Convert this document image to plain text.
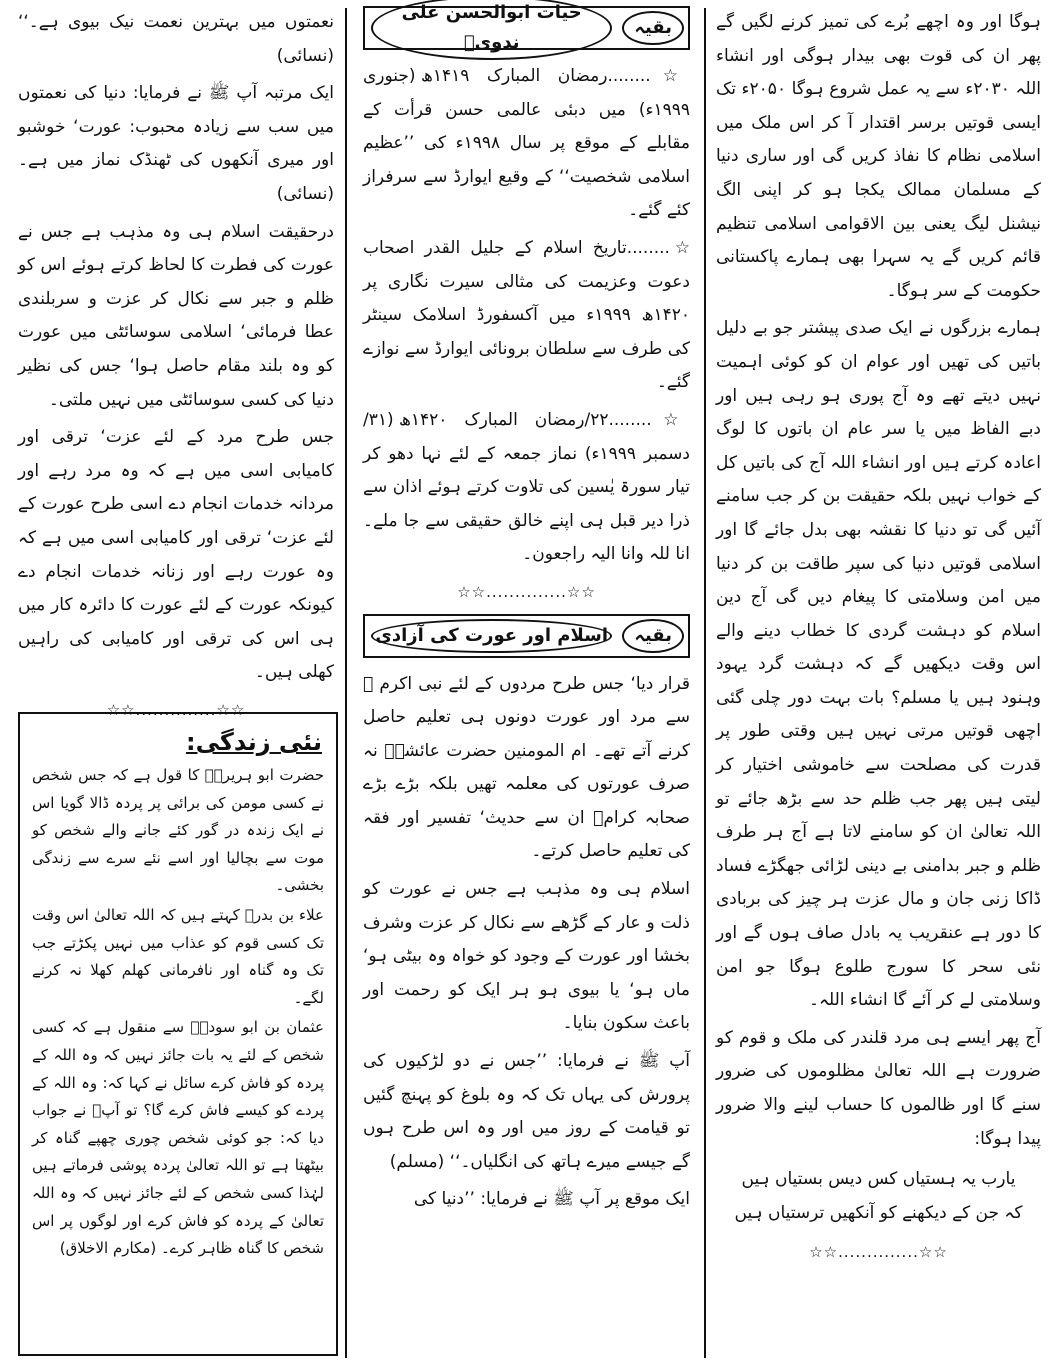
ہوگا اور وہ اچھے بُرے کی تمیز کرنے لگیں گے پھر ان کی قوت بھی بیدار ہوگی اور انشاء اللہ ۲۰۳۰ء سے یہ عمل شروع ہوگا ۲۰۵۰ء تک ایسی قوتیں برسر اقتدار آ کر اس ملک میں اسلامی نظام کا نفاذ کریں گی اور ساری دنیا کے مسلمان ممالک یکجا ہو کر اپنی الگ نیشنل لیگ یعنی بین الاقوامی اسلامی تنظیم قائم کریں گے یہ سہرا بھی ہمارے پاکستانی حکومت کے سر ہوگا۔

ہمارے بزرگوں نے ایک صدی پیشتر جو بے دلیل باتیں کی تھیں اور عوام ان کو کوئی اہمیت نہیں دیتے تھے وہ آج پوری ہو رہی ہیں اور دبے الفاظ میں یا سر عام ان باتوں کا لوگ اعادہ کرتے ہیں اور انشاء اللہ آج کی باتیں کل کے خواب نہیں بلکہ حقیقت بن کر جب سامنے آئیں گی تو دنیا کا نقشہ بھی بدل جائے گا اور اسلامی قوتیں دنیا کی سپر طاقت بن کر دنیا میں امن وسلامتی کا پیغام دیں گی آج دین اسلام کو دہشت گردی کا خطاب دینے والے اس وقت دیکھیں گے کہ دہشت گرد یہود وہنود ہیں یا مسلم؟ بات بہت دور چلی گئی اچھی قوتیں مرتی نہیں ہیں وقتی طور پر قدرت کی مصلحت سے خاموشی اختیار کر لیتی ہیں پھر جب ظلم حد سے بڑھ جائے تو اللہ تعالیٰ ان کو سامنے لاتا ہے آج ہر طرف ظلم و جبر بدامنی بے دینی لڑائی جھگڑے فساد ڈاکا زنی جان و مال عزت ہر چیز کی بربادی کا دور ہے عنقریب یہ بادل صاف ہوں گے اور نئی سحر کا سورج طلوع ہوگا جو امن وسلامتی لے کر آئے گا انشاء اللہ۔

آج پھر ایسے ہی مرد قلندر کی ملک و قوم کو ضرورت ہے اللہ تعالیٰ مظلوموں کی ضرور سنے گا اور ظالموں کا حساب لینے والا ضرور پیدا ہوگا:

یارب یہ ہستیاں کس دیس بستیاں ہیں
کہ جن کے دیکھنے کو آنکھیں ترستیاں ہیں
☆☆..............☆☆
بقیہ
حیات ابوالحسن علی ندویؒ

☆........رمضان المبارک ۱۴۱۹ھ (جنوری ۱۹۹۹ء) میں دبئی عالمی حسن قرأت کے مقابلے کے موقع پر سال ۱۹۹۸ء کی ’’عظیم اسلامی شخصیت‘‘ کے وقیع ایوارڈ سے سرفراز کئے گئے۔

☆........تاریخ اسلام کے جلیل القدر اصحاب دعوت وعزیمت کی مثالی سیرت نگاری پر ۱۴۲۰ھ ۱۹۹۹ء میں آکسفورڈ اسلامک سینٹر کی طرف سے سلطان برونائی ایوارڈ سے نوازے گئے۔

☆........۲۲/رمضان المبارک ۱۴۲۰ھ (۳۱/دسمبر ۱۹۹۹ء) نماز جمعہ کے لئے نہا دھو کر تیار سورۃ یٰسین کی تلاوت کرتے ہوئے اذان سے ذرا دیر قبل ہی اپنے خالق حقیقی سے جا ملے۔ انا للہ وانا الیہ راجعون۔

☆☆..............☆☆
بقیہ
اسلام اور عورت کی آزادی

قرار دیا‘ جس طرح مردوں کے لئے نبی اکرم ﷺ سے مرد اور عورت دونوں ہی تعلیم حاصل کرنے آتے تھے۔ ام المومنین حضرت عائشہؓ نہ صرف عورتوں کی معلمہ تھیں بلکہ بڑے بڑے صحابہ کرامؓ ان سے حدیث‘ تفسیر اور فقہ کی تعلیم حاصل کرتے۔

اسلام ہی وہ مذہب ہے جس نے عورت کو ذلت و عار کے گڑھے سے نکال کر عزت وشرف بخشا اور عورت کے وجود کو خواہ وہ بیٹی ہو‘ ماں ہو‘ یا بیوی ہو ہر ایک کو رحمت اور باعث سکون بنایا۔

آپ ﷺ نے فرمایا: ’’جس نے دو لڑکیوں کی پرورش کی یہاں تک کہ وہ بلوغ کو پہنچ گئیں تو قیامت کے روز میں اور وہ اس طرح ہوں گے جیسے میرے ہاتھ کی انگلیاں۔‘‘ (مسلم)

ایک موقع پر آپ ﷺ نے فرمایا: ’’دنیا کی

نعمتوں میں بہترین نعمت نیک بیوی ہے۔‘‘ (نسائی)

ایک مرتبہ آپ ﷺ نے فرمایا: دنیا کی نعمتوں میں سب سے زیادہ محبوب: عورت‘ خوشبو اور میری آنکھوں کی ٹھنڈک نماز میں ہے۔ (نسائی)

درحقیقت اسلام ہی وہ مذہب ہے جس نے عورت کی فطرت کا لحاظ کرتے ہوئے اس کو ظلم و جبر سے نکال کر عزت و سربلندی عطا فرمائی‘ اسلامی سوسائٹی میں عورت کو وہ بلند مقام حاصل ہوا‘ جس کی نظیر دنیا کی کسی سوسائٹی میں نہیں ملتی۔

جس طرح مرد کے لئے عزت‘ ترقی اور کامیابی اسی میں ہے کہ وہ مرد رہے اور مردانہ خدمات انجام دے اسی طرح عورت کے لئے عزت‘ ترقی اور کامیابی اسی میں ہے کہ وہ عورت رہے اور زنانہ خدمات انجام دے کیونکہ عورت کے لئے عورت کا دائرہ کار میں ہی اس کی ترقی اور کامیابی کی راہیں کھلی ہیں۔

☆☆..............☆☆
نئی زندگی:

حضرت ابو ہریرہؓ کا قول ہے کہ جس شخص نے کسی مومن کی برائی پر پردہ ڈالا گویا اس نے ایک زندہ در گور کئے جانے والے شخص کو موت سے بچالیا اور اسے نئے سرے سے زندگی بخشی۔

علاء بن بدرؒ کہتے ہیں کہ اللہ تعالیٰ اس وقت تک کسی قوم کو عذاب میں نہیں پکڑتے جب تک وہ گناہ اور نافرمانی کھلم کھلا نہ کرنے لگے۔

عثمان بن ابو سودہؒ سے منقول ہے کہ کسی شخص کے لئے یہ بات جائز نہیں کہ وہ اللہ کے پردہ کو فاش کرے سائل نے کہا کہ: وہ اللہ کے پردے کو کیسے فاش کرے گا؟ تو آپؒ نے جواب دیا کہ: جو کوئی شخص چوری چھپے گناہ کر بیٹھتا ہے تو اللہ تعالیٰ پردہ پوشی فرماتے ہیں لہٰذا کسی شخص کے لئے جائز نہیں کہ وہ اللہ تعالیٰ کے پردہ کو فاش کرے اور لوگوں پر اس شخص کا گناہ ظاہر کرے۔ (مکارم الاخلاق)
